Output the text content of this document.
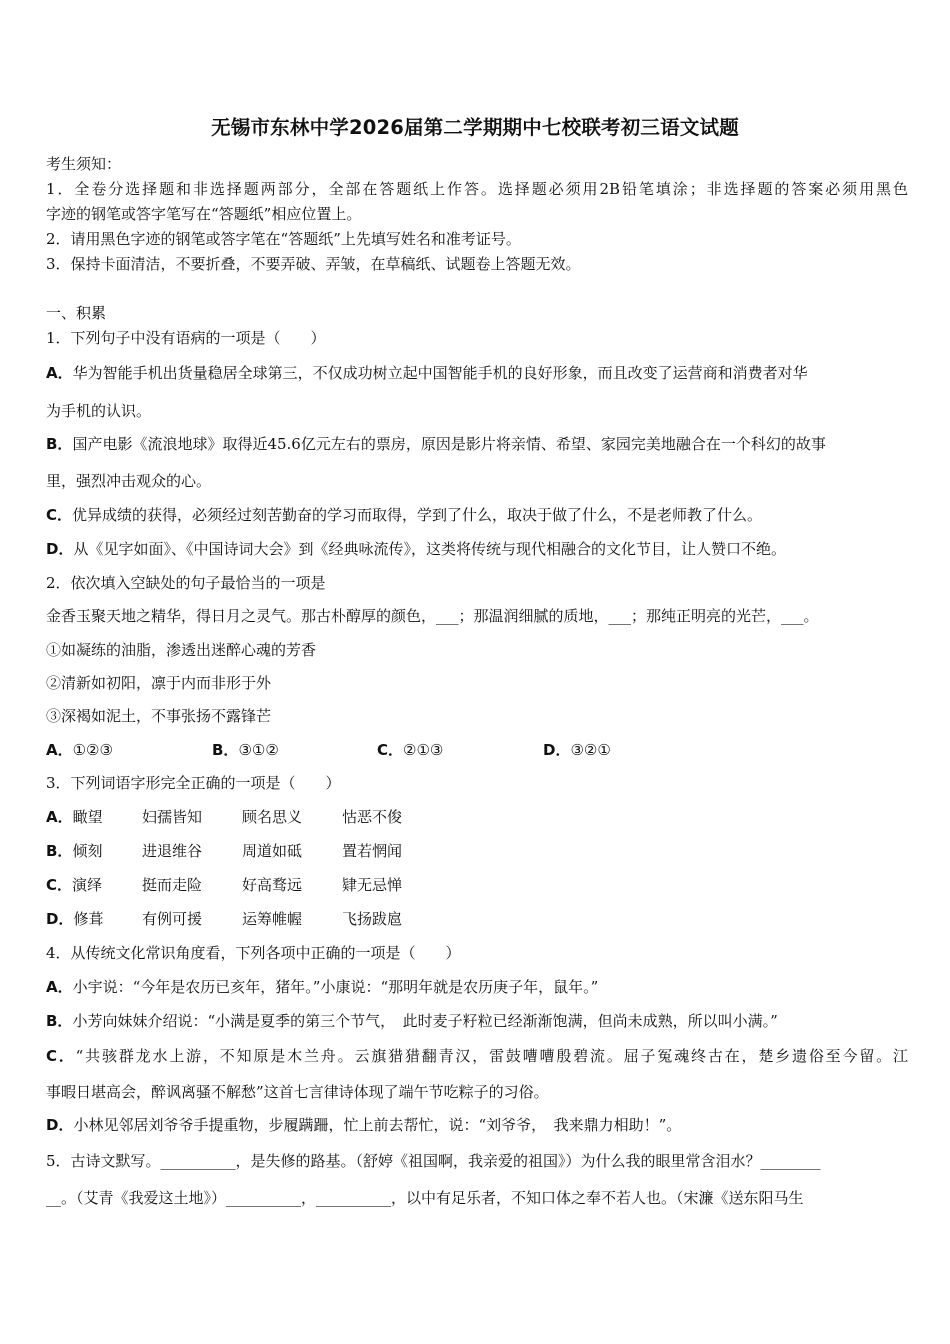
无锡市东林中学2026届第二学期期中七校联考初三语文试题
考生须知：
1．全卷分选择题和非选择题两部分，全部在答题纸上作答。选择题必须用2B铅笔填涂；非选择题的答案必须用黑色
字迹的钢笔或答字笔写在“答题纸”相应位置上。
2．请用黑色字迹的钢笔或答字笔在“答题纸”上先填写姓名和准考证号。
3．保持卡面清洁，不要折叠，不要弄破、弄皱，在草稿纸、试题卷上答题无效。
一、积累
1．下列句子中没有语病的一项是（　　）
A．华为智能手机出货量稳居全球第三，不仅成功树立起中国智能手机的良好形象，而且改变了运营商和消费者对华
为手机的认识。
B．国产电影《流浪地球》取得近45.6亿元左右的票房，原因是影片将亲情、希望、家园完美地融合在一个科幻的故事
里，强烈冲击观众的心。
C．优异成绩的获得，必须经过刻苦勤奋的学习而取得，学到了什么，取决于做了什么，不是老师教了什么。
D．从《见字如面》、《中国诗词大会》到《经典咏流传》，这类将传统与现代相融合的文化节目，让人赞口不绝。
2．依次填入空缺处的句子最恰当的一项是
金香玉聚天地之精华，得日月之灵气。那古朴醇厚的颜色，___；那温润细腻的质地，___；那纯正明亮的光芒，___。
①如凝练的油脂，渗透出迷醉心魂的芳香
②清新如初阳，凛于内而非形于外
③深褐如泥土，不事张扬不露锋芒
A．①②③	B．③①②	C．②①③	D．③②①
3．下列词语字形完全正确的一项是（　　）
A．瞰望	妇孺皆知	顾名思义	怙恶不俊
B．倾刻	进退维谷	周道如砥	置若惘闻
C．演绎	挺而走险	好高骛远	肄无忌惮
D．修葺	有例可援	运筹帷幄	飞扬跋扈
4．从传统文化常识角度看，下列各项中正确的一项是（　　）
A．小宇说：“今年是农历已亥年，猪年。”小康说：“那明年就是农历庚子年，鼠年。”
B．小芳向妹妹介绍说：“小满是夏季的第三个节气，　此时麦子籽粒已经渐渐饱满，但尚未成熟，所以叫小满。”
C．“共骇群龙水上游，不知原是木兰舟。云旗猎猎翻青汉，雷鼓嘈嘈殷碧流。屈子冤魂终古在，楚乡遗俗至今留。江
事暇日堪高会，醉讽离骚不解愁”这首七言律诗体现了端午节吃粽子的习俗。
D．小林见邻居刘爷爷手提重物，步履蹒跚，忙上前去帮忙，说：“刘爷爷，　我来鼎力相助！”。
5．古诗文默写。__________，是失修的路基。（舒婷《祖国啊，我亲爱的祖国》）为什么我的眼里常含泪水？________
__。（艾青《我爱这土地》）__________，__________，以中有足乐者，不知口体之奉不若人也。（宋濂《送东阳马生
